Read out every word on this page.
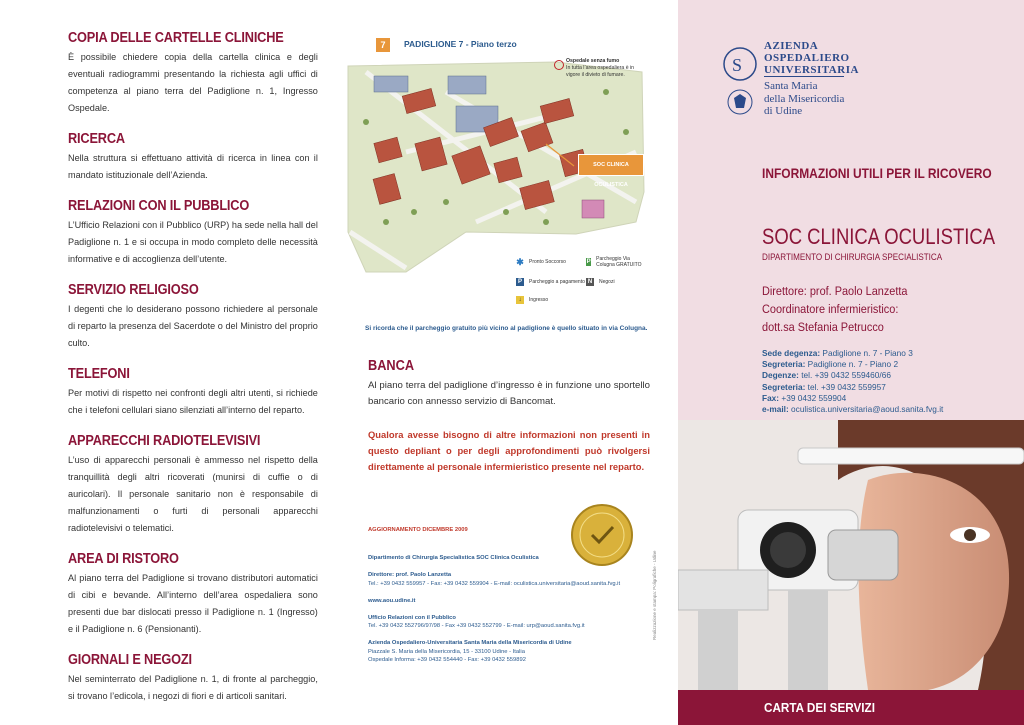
COPIA DELLE CARTELLE CLINICHE

È possibile chiedere copia della cartella clinica e degli eventuali radiogrammi presentando la richiesta agli uffici di competenza al piano terra del Padiglione n. 1, Ingresso Ospedale.

RICERCA

Nella struttura si effettuano attività di ricerca in linea con il mandato istituzionale dell’Azienda.

RELAZIONI CON IL PUBBLICO

L’Ufficio Relazioni con il Pubblico (URP) ha sede nella hall del Padiglione n. 1 e si occupa in modo completo delle necessità informative e di accoglienza dell’utente.

SERVIZIO RELIGIOSO

I degenti che lo desiderano possono richiedere al personale di reparto la presenza del Sacerdote o del Ministro del proprio culto.

TELEFONI

Per motivi di rispetto nei confronti degli altri utenti, si richiede che i telefoni cellulari siano silenziati all’interno del reparto.

APPARECCHI RADIOTELEVISIVI

L’uso di apparecchi personali è ammesso nel rispetto della tranquillità degli altri ricoverati (munirsi di cuffie o di auricolari). Il personale sanitario non è responsabile di malfunzionamenti o furti di personali apparecchi radiotelevisivi o telematici.

AREA DI RISTORO

Al piano terra del Padiglione si trovano distributori automatici di cibi e bevande. All’interno dell’area ospedaliera sono presenti due bar dislocati presso il Padiglione n. 1 (Ingresso) e il Padiglione n. 6 (Pensionanti).

GIORNALI E NEGOZI

Nel seminterrato del Padiglione n. 1, di fronte al parcheggio, si trovano l’edicola, i negozi di fiori e di articoli sanitari.

7	PADIGLIONE 7 - Piano terzo
Ospedale senza fumo
In tutta l’area ospedaliera è in vigore il divieto di fumare.
SOC CLINICA OCULISTICA
✱ Pronto Soccorso	P Parcheggio Via Colugna GRATUITO
P	Parcheggio a pagamento N	Negozi
↓	Ingresso
Si ricorda che il parcheggio gratuito più vicino al padiglione è quello situato in via Colugna.
BANCA

Al piano terra del padiglione d’ingresso è in funzione uno sportello bancario con annesso servizio di Bancomat.

Qualora avesse bisogno di altre informazioni non presenti in questo depliant o per degli approfondimenti può rivolgersi direttamente al personale infermieristico presente nel reparto.
AGGIORNAMENTO DICEMBRE 2009
Dipartimento di Chirurgia Specialistica SOC Clinica Oculistica
Direttore: prof. Paolo Lanzetta
Tel.: +39 0432 559957 - Fax: +39 0432 559904 - E-mail: oculistica.universitaria@aoud.sanita.fvg.it
www.aou.udine.it
Ufficio Relazioni con il Pubblico
Tel. +39 0432 552796/97/98 - Fax +39 0432 552799 - E-mail: urp@aoud.sanita.fvg.it
Azienda Ospedaliero-Universitaria Santa Maria della Misericordia di Udine
Piazzale S. Maria della Misericordia, 15 - 33100 Udine - Italia
Ospedale Informa: +39 0432 554440 - Fax: +39 0432 559892
Realizzazione e stampa: Poligrafiche - Udine
S
AZIENDA
OSPEDALIERO
UNIVERSITARIA
Santa Maria
della Misericordia
di Udine
INFORMAZIONI UTILI PER IL RICOVERO
SOC CLINICA OCULISTICA
DIPARTIMENTO DI CHIRURGIA SPECIALISTICA
Direttore: prof. Paolo Lanzetta
Coordinatore infermieristico:
dott.sa Stefania Petrucco
Sede degenza: Padiglione n. 7 - Piano 3
Segreteria: Padiglione n. 7 - Piano 2
Degenze: tel. +39 0432 559460/66
Segreteria: tel. +39 0432 559957
Fax: +39 0432 559904
e-mail: oculistica.universitaria@aoud.sanita.fvg.it
CARTA DEI SERVIZI
